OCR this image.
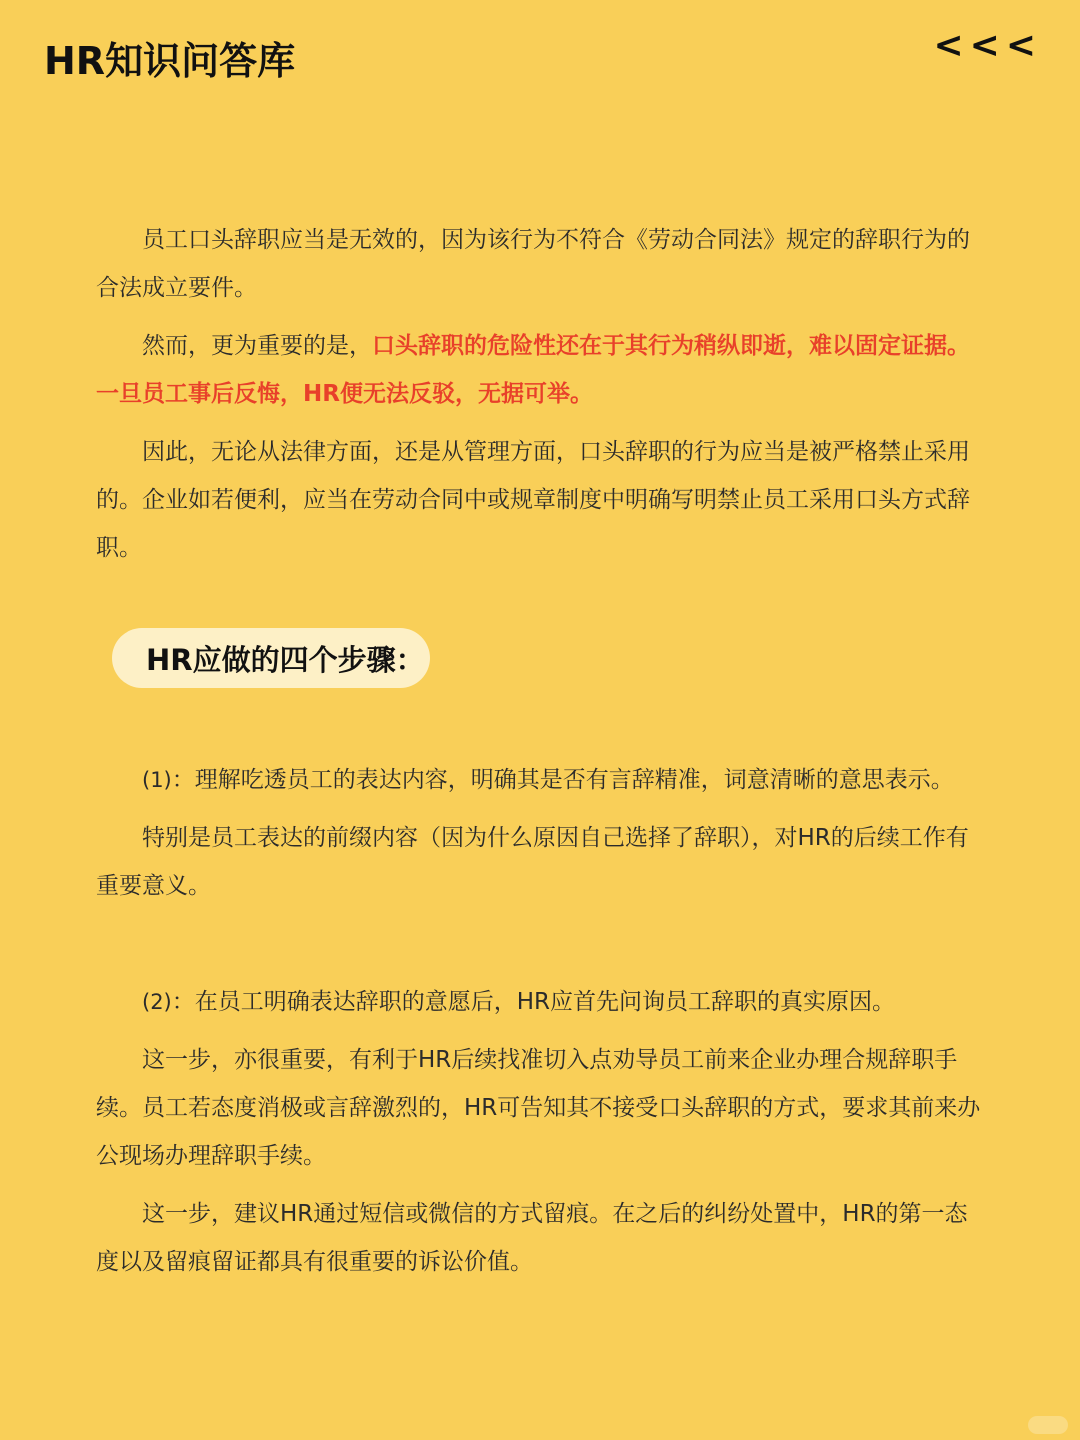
HR知识问答库	< < <

员工口头辞职应当是无效的，因为该行为不符合《劳动合同法》规定的辞职行为的合法成立要件。

然而，更为重要的是，口头辞职的危险性还在于其行为稍纵即逝，难以固定证据。一旦员工事后反悔，HR便无法反驳，无据可举。

因此，无论从法律方面，还是从管理方面，口头辞职的行为应当是被严格禁止采用的。企业如若便利，应当在劳动合同中或规章制度中明确写明禁止员工采用口头方式辞职。

HR应做的四个步骤：

(1)：理解吃透员工的表达内容，明确其是否有言辞精准，词意清晰的意思表示。

特别是员工表达的前缀内容（因为什么原因自己选择了辞职），对HR的后续工作有重要意义。

(2)：在员工明确表达辞职的意愿后，HR应首先问询员工辞职的真实原因。

这一步，亦很重要，有利于HR后续找准切入点劝导员工前来企业办理合规辞职手续。员工若态度消极或言辞激烈的，HR可告知其不接受口头辞职的方式，要求其前来办公现场办理辞职手续。

这一步，建议HR通过短信或微信的方式留痕。在之后的纠纷处置中，HR的第一态度以及留痕留证都具有很重要的诉讼价值。
